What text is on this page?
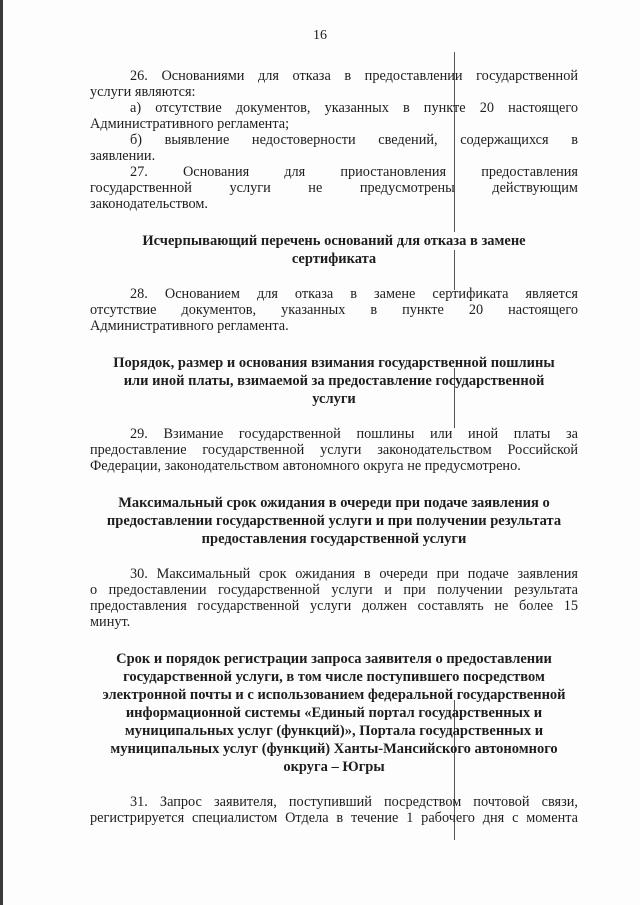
16

26. Основаниями для отказа в предоставлении государственной

услуги являются:

а) отсутствие документов, указанных в пункте 20 настоящего

Административного регламента;

б) выявление недостоверности сведений, содержащихся в

заявлении.

27. Основания для приостановления предоставления
государственной	услуги	не	предусмотрены	действующим

законодательством.

Исчерпывающий перечень оснований для отказа в замене
сертификата

28. Основанием для отказа в замене сертификата является

отсутствие документов, указанных в пункте 20 настоящего

Административного регламента.

Порядок, размер и основания взимания государственной пошлины
или иной платы, взимаемой за предоставление государственной
услуги

29. Взимание государственной пошлины или иной платы за

предоставление государственной услуги законодательством Российской

Федерации, законодательством автономного округа не предусмотрено.

Максимальный срок ожидания в очереди при подаче заявления о
предоставлении государственной услуги и при получении результата
предоставления государственной услуги

30. Максимальный срок ожидания в очереди при подаче заявления

о предоставлении государственной услуги и при получении результата

предоставления государственной услуги должен составлять не более 15

минут.

Срок и порядок регистрации запроса заявителя о предоставлении
государственной услуги, в том числе поступившего посредством
электронной почты и с использованием федеральной государственной
информационной системы «Единый портал государственных и
муниципальных услуг (функций)», Портала государственных и
муниципальных услуг (функций) Ханты-Мансийского автономного
округа – Югры

31. Запрос заявителя, поступивший посредством почтовой связи,

регистрируется специалистом Отдела в течение 1 рабочего дня с момента
